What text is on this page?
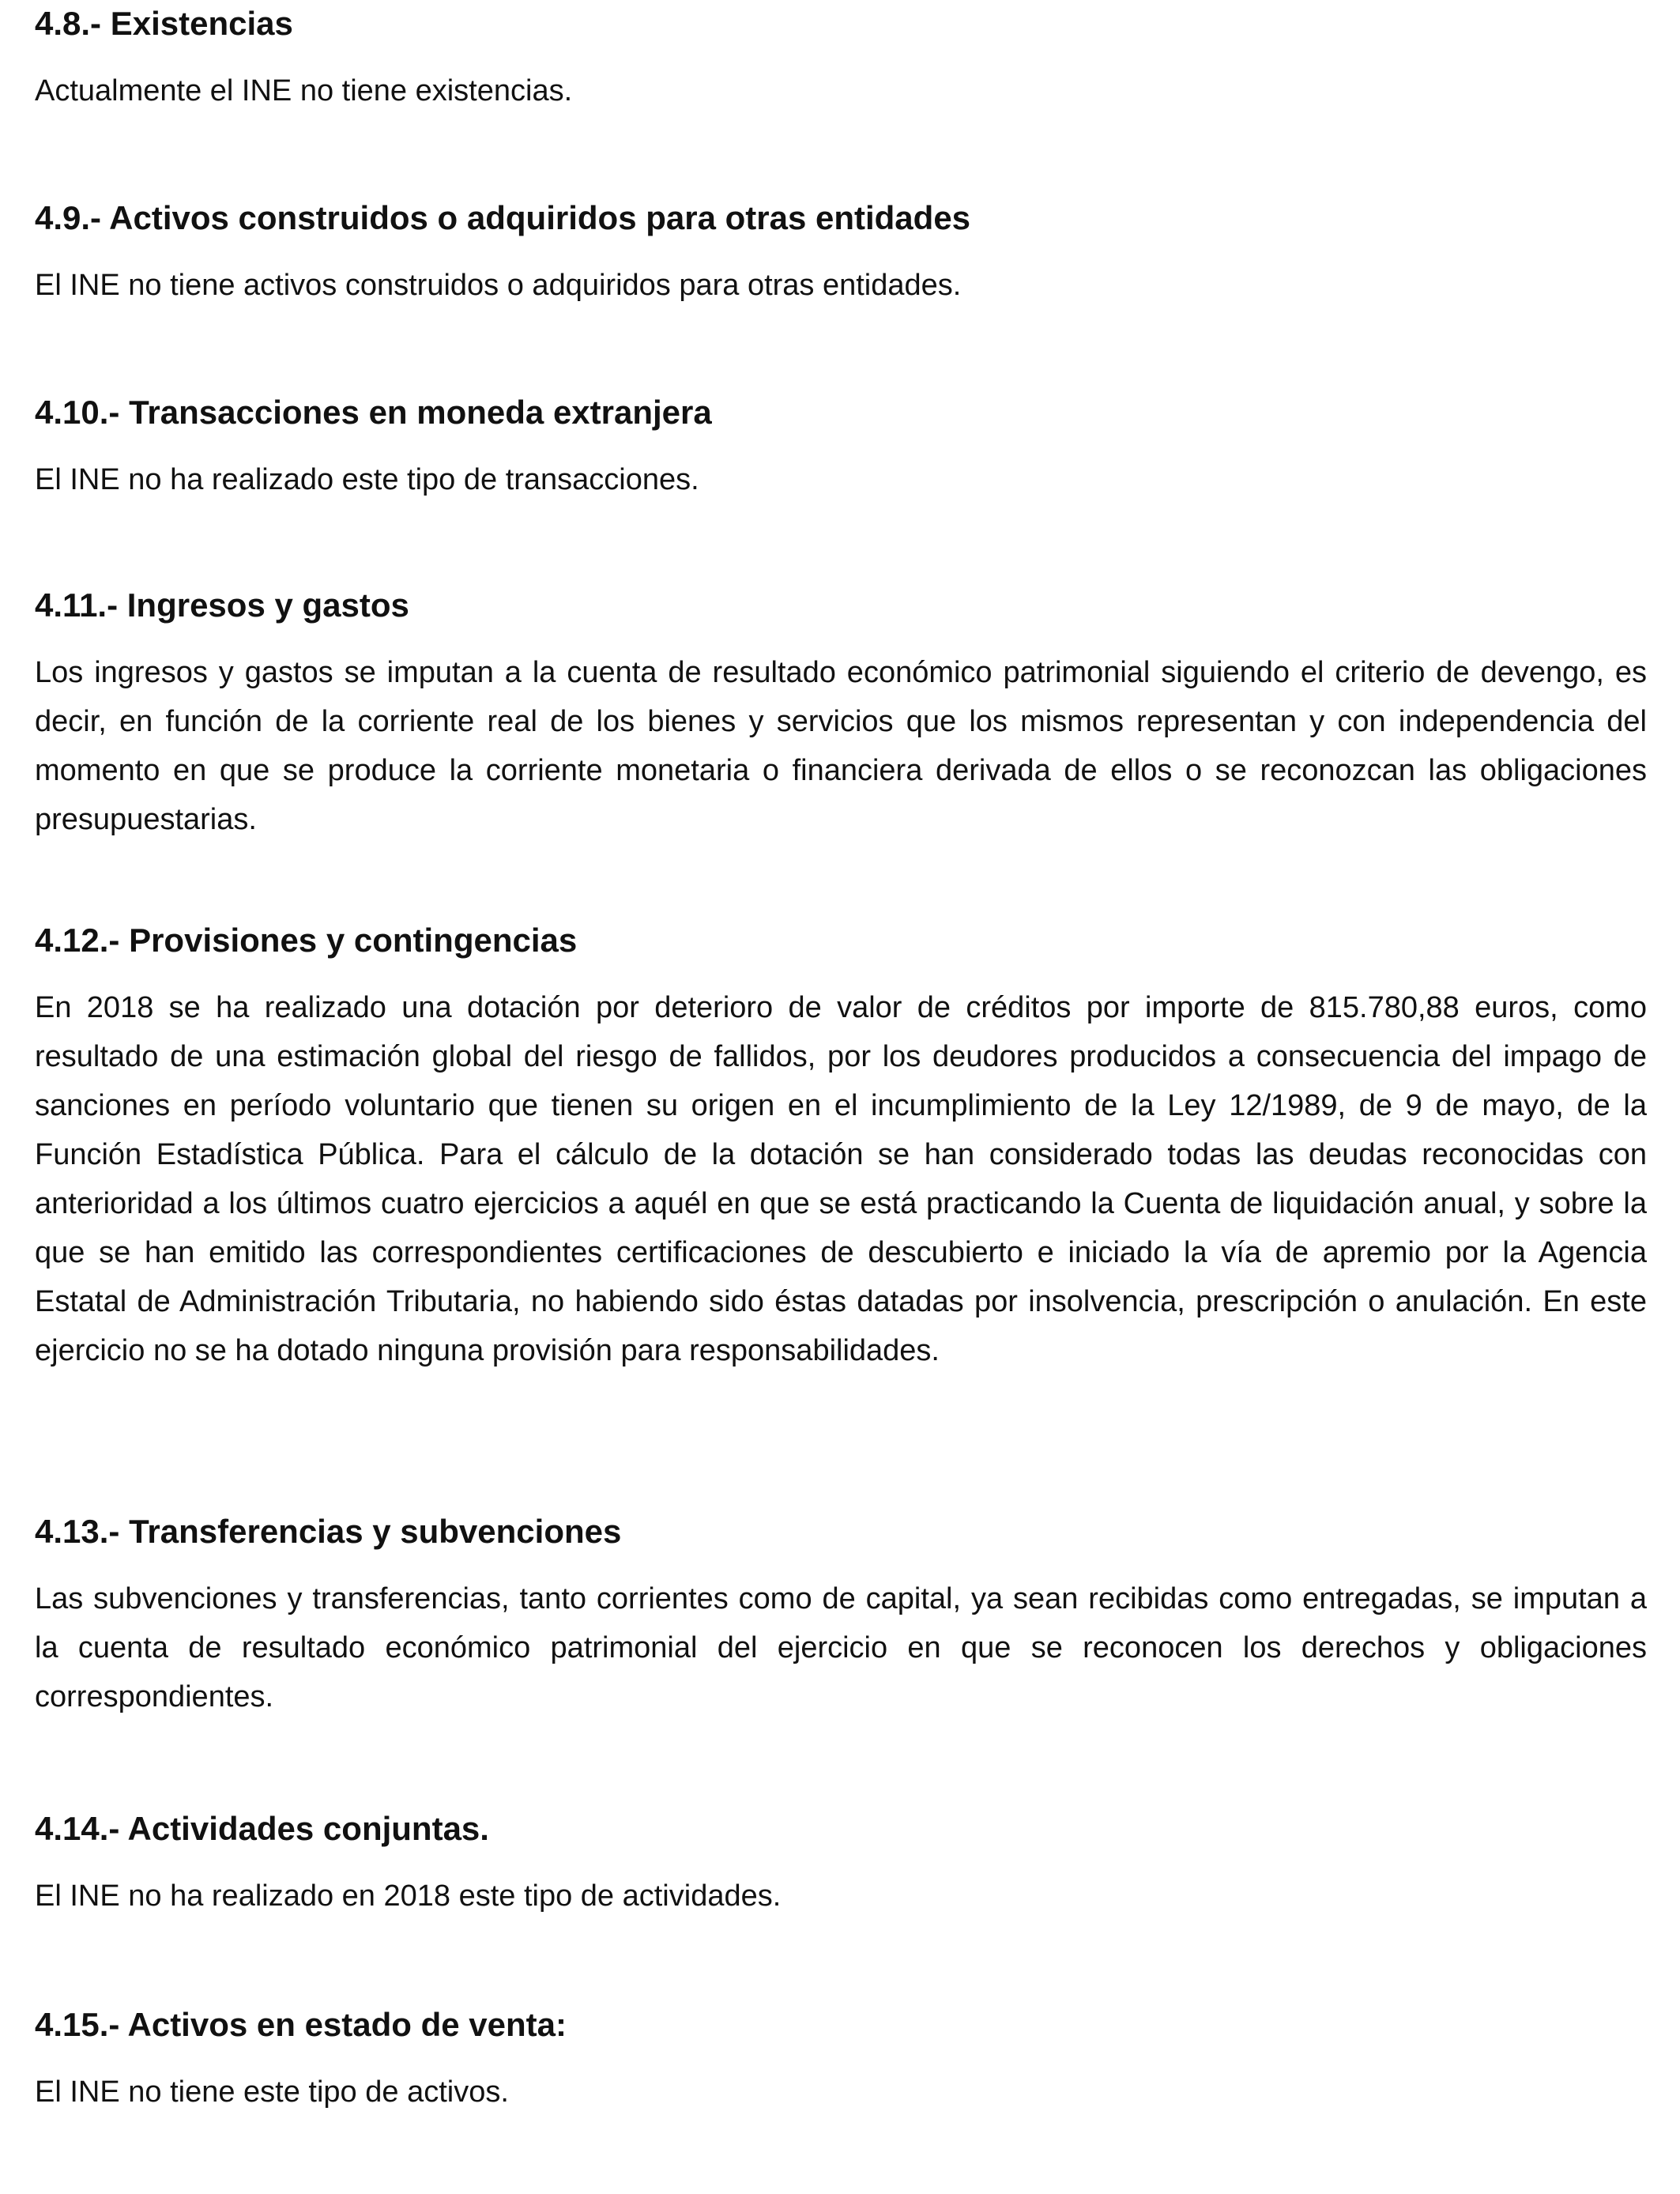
4.8.- Existencias

Actualmente el INE no tiene existencias.

4.9.- Activos construidos o adquiridos para otras entidades

El INE no tiene activos construidos o adquiridos para otras entidades.

4.10.- Transacciones en moneda extranjera

El INE no ha realizado este tipo de transacciones.

4.11.- Ingresos y gastos

Los ingresos y gastos se imputan a la cuenta de resultado económico patrimonial siguiendo el criterio de devengo, es decir, en función de la corriente real de los bienes y servicios que los mismos representan y con independencia del momento en que se produce la corriente monetaria o financiera derivada de ellos o se reconozcan las obligaciones presupuestarias.

4.12.- Provisiones y contingencias

En 2018 se ha realizado una dotación por deterioro de valor de créditos por importe de 815.780,88 euros, como resultado de una estimación global del riesgo de fallidos, por los deudores producidos a consecuencia del impago de sanciones en período voluntario que tienen su origen en el incumplimiento de la Ley 12/1989, de 9 de mayo, de la Función Estadística Pública. Para el cálculo de la dotación se han considerado todas las deudas reconocidas con anterioridad a los últimos cuatro ejercicios a aquél en que se está practicando la Cuenta de liquidación anual, y sobre la que se han emitido las correspondientes certificaciones de descubierto e iniciado la vía de apremio por la Agencia Estatal de Administración Tributaria, no habiendo sido éstas datadas por insolvencia, prescripción o anulación. En este ejercicio no se ha dotado ninguna provisión para responsabilidades.

4.13.- Transferencias y subvenciones

Las subvenciones y transferencias, tanto corrientes como de capital, ya sean recibidas como entregadas, se imputan a la cuenta de resultado económico patrimonial del ejercicio en que se reconocen los derechos y obligaciones correspondientes.

4.14.- Actividades conjuntas.

El INE no ha realizado en 2018 este tipo de actividades.

4.15.- Activos en estado de venta:

El INE no tiene este tipo de activos.
